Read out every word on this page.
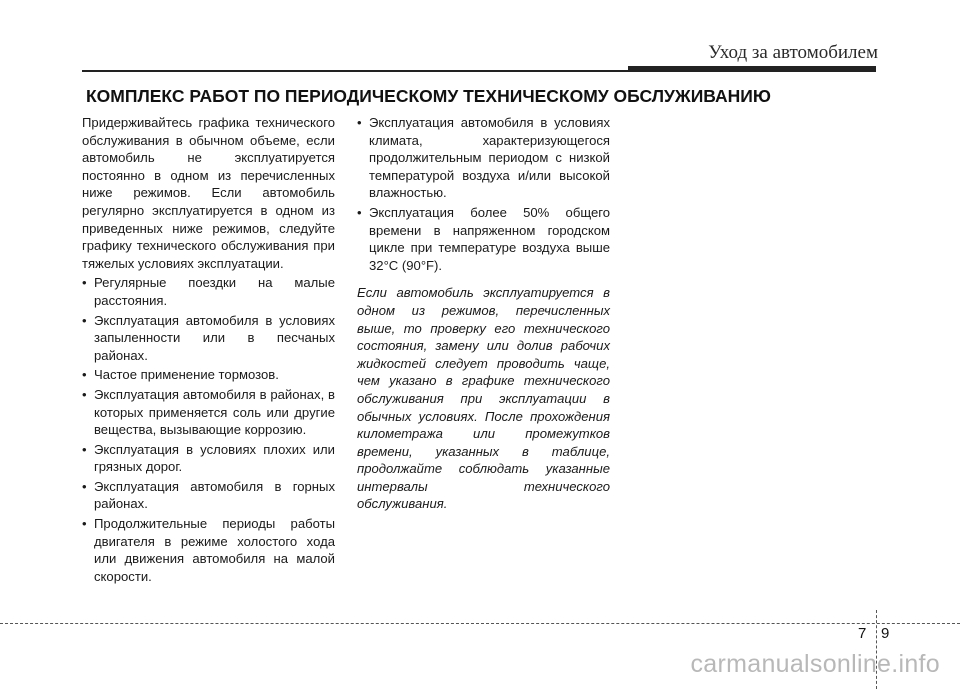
Уход за автомобилем
КОМПЛЕКС РАБОТ ПО ПЕРИОДИЧЕСКОМУ ТЕХНИЧЕСКОМУ ОБСЛУЖИВАНИЮ

Придерживайтесь графика технического обслуживания в обычном объеме, если автомобиль не эксплуатируется постоянно в одном из перечисленных ниже режимов. Если автомобиль регулярно эксплуатируется в одном из приведенных ниже режимов, следуйте графику технического обслуживания при тяжелых условиях эксплуатации.

• Регулярные поездки на малые расстояния.
• Эксплуатация автомобиля в условиях запыленности или в песчаных районах.
• Частое применение тормозов.
• Эксплуатация автомобиля в районах, в которых применяется соль или другие вещества, вызывающие коррозию.
• Эксплуатация в условиях плохих или грязных дорог.
• Эксплуатация автомобиля в горных районах.
• Продолжительные периоды работы двигателя в режиме холостого хода или движения автомобиля на малой скорости.
• Эксплуатация автомобиля в условиях климата, характеризующегося продолжительным периодом с низкой температурой воздуха и/или высокой влажностью.
• Эксплуатация более 50% общего времени в напряженном городском цикле при температуре воздуха выше 32°C (90°F).

Если автомобиль эксплуатируется в одном из режимов, перечисленных выше, то проверку его технического состояния, замену или долив рабочих жидкостей следует проводить чаще, чем указано в графике технического обслуживания при эксплуатации в обычных условиях. После прохождения километража или промежутков времени, указанных в таблице, продолжайте соблюдать указанные интервалы технического обслуживания.

7 9
carmanualsonline.info
